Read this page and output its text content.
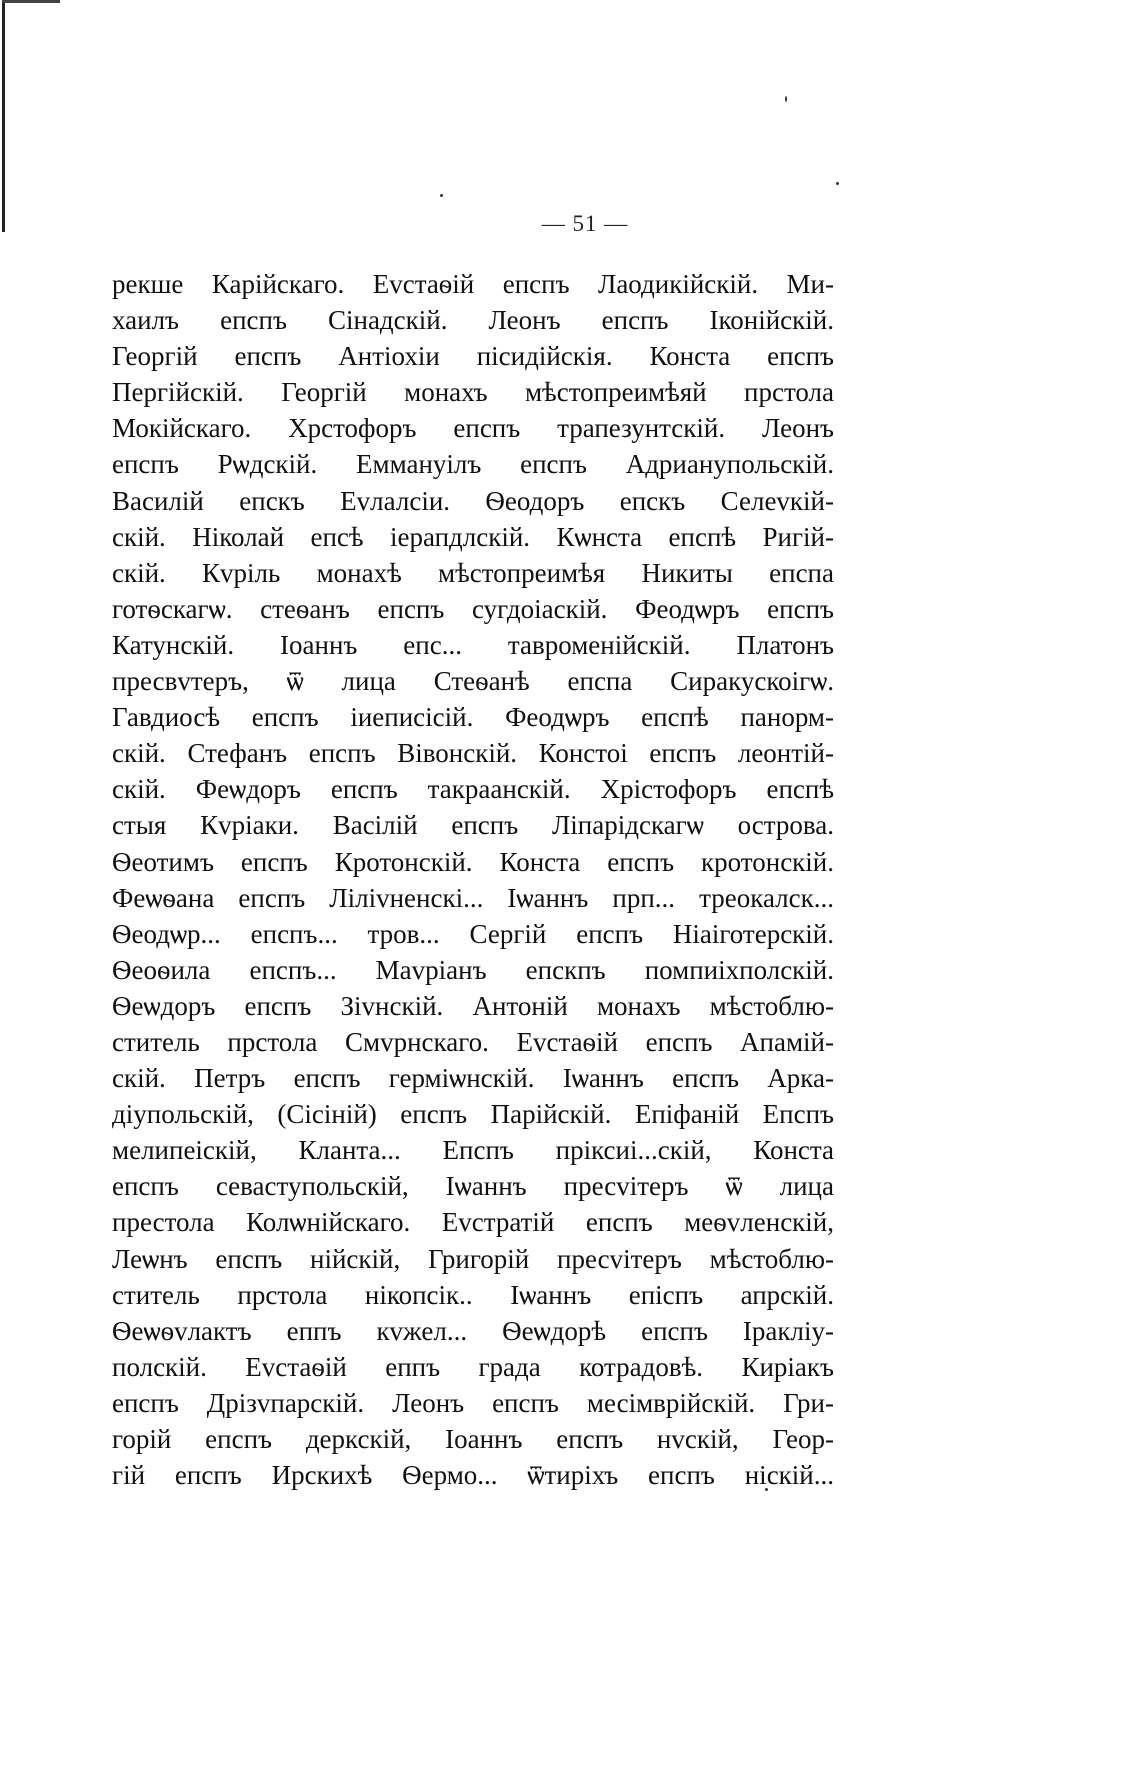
— 51 —
рекше Карійскаго. Еvстаѳій епспъ Лаодикійскій. Ми-
хаилъ епспъ Сінадскій. Леонъ епспъ Іконійскій.
Георгій епспъ Антіохіи пісидійскія. Конста епспъ
Пергійскій. Георгій монахъ мѣстопреимѣяй прстола
Мокійскаго. Хрстофоръ епспъ трапезунтскій. Леонъ
епспъ Рѡдскій. Еммануілъ епспъ Адрианупольскій.
Василій епскъ Еvлалсіи. Ѳеодоръ епскъ Селеvкій-
скій. Ніколай епсѣ іерапдлскій. Кѡнста епспѣ Ригій-
скій. Кvріль монахѣ мѣстопреимѣя Никиты епспа
готѳскагѡ. стеѳанъ епспъ сугдоіаскій. Феодѡръ епспъ
Катунскій. Іоаннъ епс... тавроменійскій. Платонъ
пресвvтеръ, ѿ лица Стеѳанѣ епспа Сиракускоігѡ.
Гавдиосѣ епспъ іиеписісій. Феодѡръ епспѣ панорм-
скій. Стефанъ епспъ Вівонскій. Констоі епспъ леонтій-
скій. Феѡдоръ епспъ такраанскій. Хрістофоръ епспѣ
стыя Кvріаки. Васілій епспъ Ліпарідскагѡ острова.
Ѳеотимъ епспъ Кротонскій. Конста епспъ кротонскій.
Феѡѳана епспъ Ліліvненскі... Іѡаннъ прп... треокалск...
Ѳеодѡр... епспъ... тров... Сергій епспъ Ніаіготерскій.
Ѳеоѳила епспъ... Маvріанъ епскпъ помпиіхполскій.
Ѳеѡдоръ епспъ Зіvнскій. Антоній монахъ мѣстоблю-
ститель прстола Смvрнскаго. Еvстаѳій епспъ Апамій-
скій. Петръ епспъ герміѡнскій. Іѡаннъ епспъ Арка-
діупольскій, (Сісіній) епспъ Парійскій. Епіфаній Епспъ
мелипеіскій, Кланта... Епспъ пріксиі...скій, Конста
епспъ севаступольскій, Іѡаннъ пресvітеръ ѿ лица
престола Колѡнійскаго. Еvстратій епспъ меѳvленскій,
Леѡнъ епспъ нійскій, Григорій пресvітеръ мѣстоблю-
ститель прстола нікопсік.. Іѡаннъ епіспъ апрскій.
Ѳеѡѳvлактъ еппъ кvжел... Ѳеѡдорѣ епспъ Іракліу-
полскій. Еvстаѳій еппъ града котрадовѣ. Киріакъ
епспъ Дрізvпарскій. Леонъ епспъ месімврійскій. Гри-
горій епспъ деркскій, Іоаннъ епспъ нvскій, Геор-
гій епспъ Ирскихѣ Ѳермо... ѿтиріхъ епспъ ніскій...
